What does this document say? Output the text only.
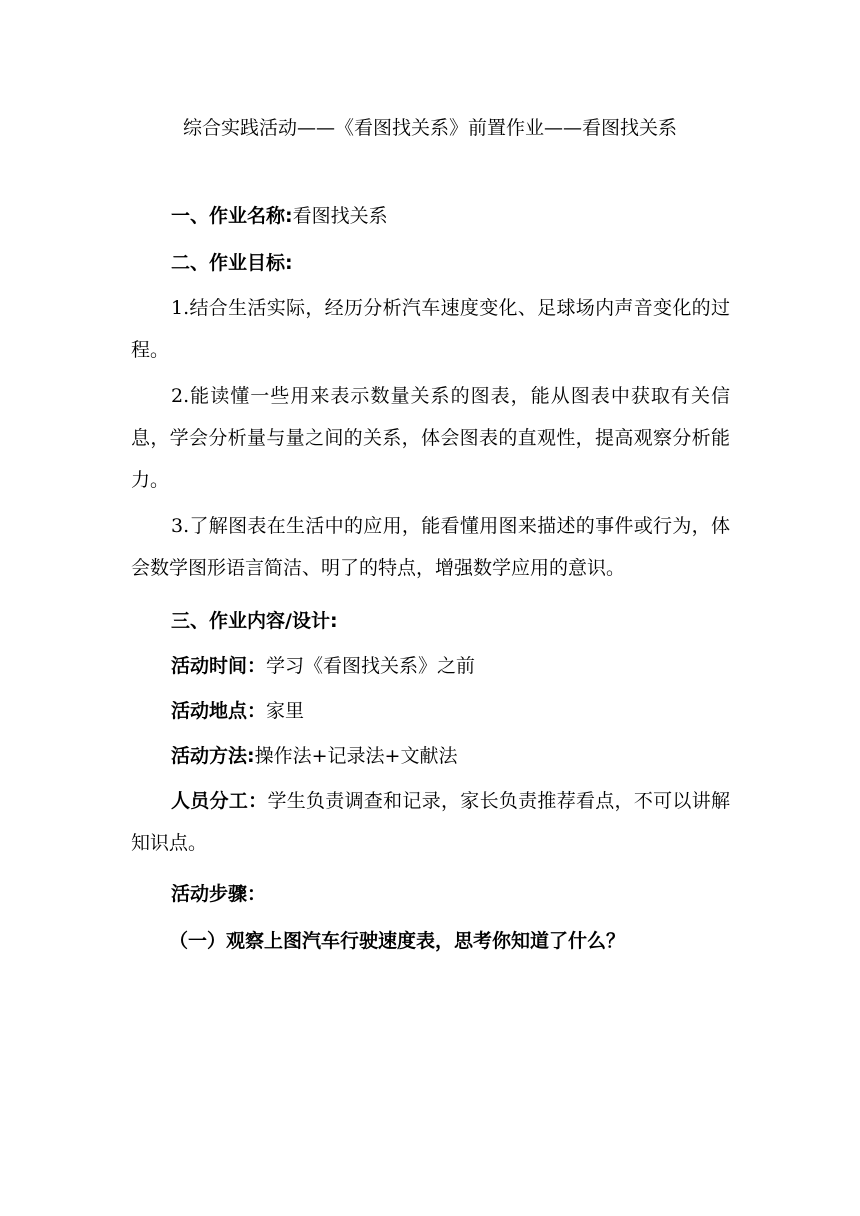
综合实践活动——《看图找关系》前置作业——看图找关系

一、作业名称:看图找关系

二、作业目标:

1.结合生活实际，经历分析汽车速度变化、足球场内声音变化的过程。

2.能读懂一些用来表示数量关系的图表，能从图表中获取有关信息，学会分析量与量之间的关系，体会图表的直观性，提高观察分析能力。

3.了解图表在生活中的应用，能看懂用图来描述的事件或行为，体会数学图形语言简洁、明了的特点，增强数学应用的意识。

三、作业内容/设计:

活动时间：学习《看图找关系》之前

活动地点：家里

活动方法:操作法+记录法+文献法

人员分工：学生负责调查和记录，家长负责推荐看点，不可以讲解知识点。

活动步骤：

（一）观察上图汽车行驶速度表，思考你知道了什么？
